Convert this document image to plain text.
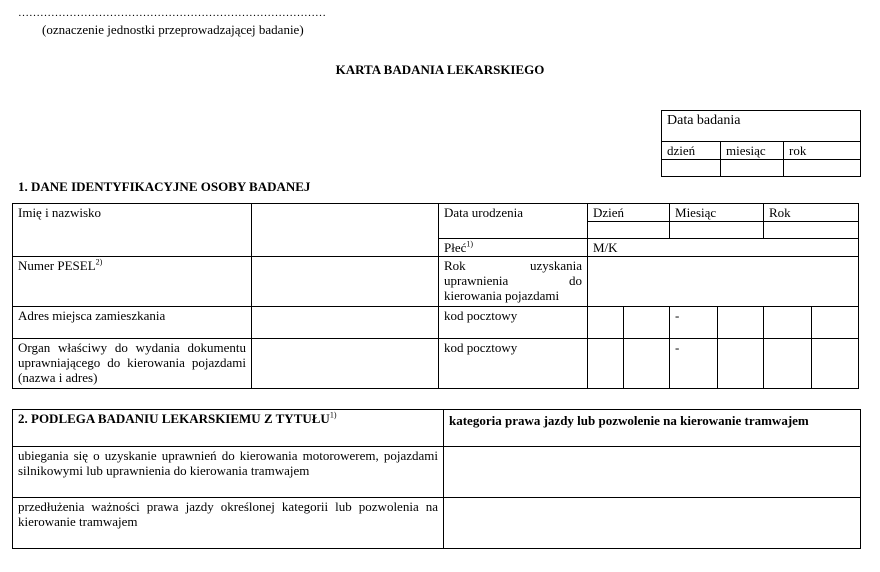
…………………………………………………………………………
(oznaczenie jednostki przeprowadzającej badanie)
KARTA BADANIA LEKARSKIEGO
Data badania		
dzień	miesiąc	rok

1. DANE IDENTYFIKACYJNE OSOBY BADANEJ
Imię i nazwisko		Data urodzenia	Dzień		Miesiąc		Rok	

		Płeć$^{1)}$	M/K					
Numer PESEL$^{2)}$		Rok uzyskania uprawnienia do kierowania pojazdami						
Adres miejsca zamieszkania		kod pocztowy			-			
Organ właściwy do wydania dokumentu uprawniającego do kierowania pojazdami (nazwa i adres)		kod pocztowy			-			
2. PODLEGA BADANIU LEKARSKIEMU Z TYTUŁU$^{1)}$	kategoria prawa jazdy lub pozwolenie na kierowanie tramwajem
ubiegania się o uzyskanie uprawnień do kierowania motorowerem, pojazdami silnikowymi lub uprawnienia do kierowania tramwajem	
przedłużenia ważności prawa jazdy określonej kategorii lub pozwolenia na kierowanie tramwajem	
